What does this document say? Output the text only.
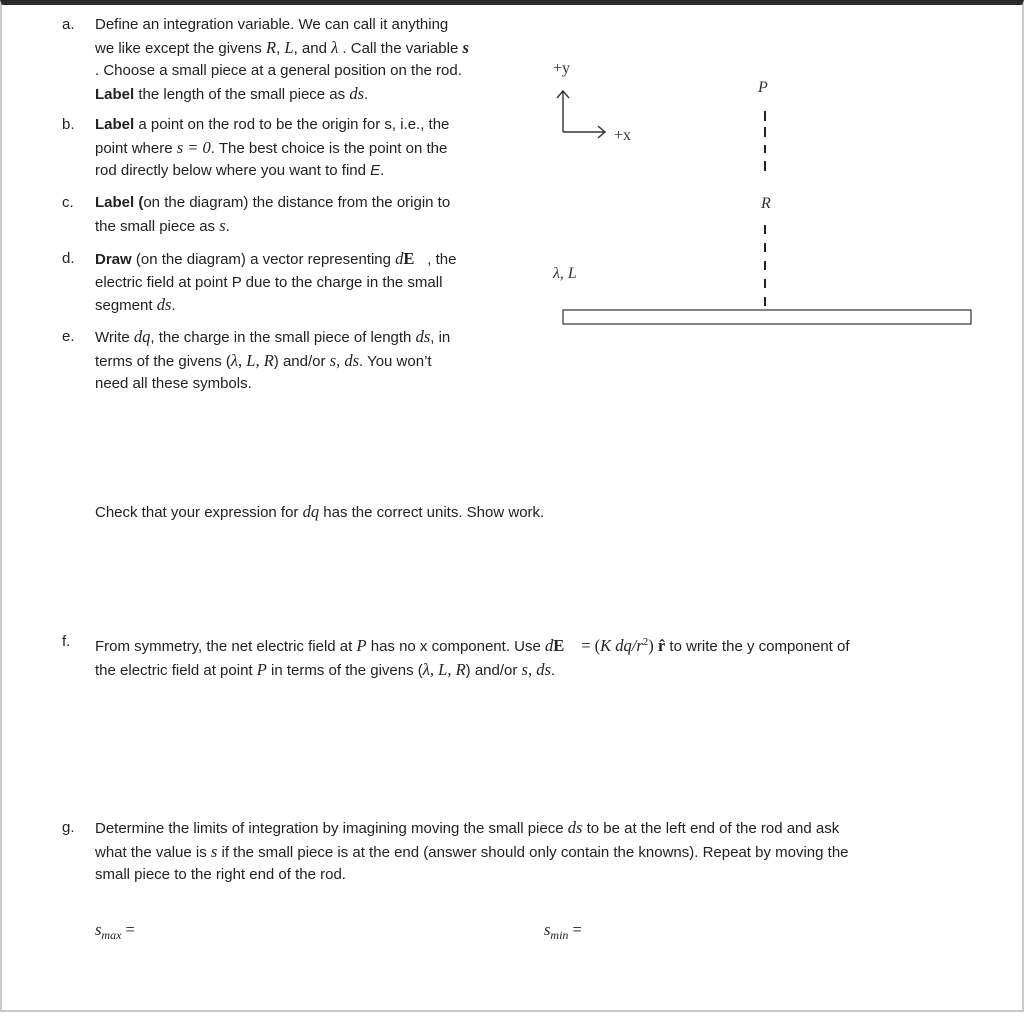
a. Define an integration variable. We can call it anything
we like except the givens R, L, and λ . Call the variable s
. Choose a small piece at a general position on the rod.
Label the length of the small piece as ds.
b. Label a point on the rod to be the origin for s, i.e., the
point where s = 0. The best choice is the point on the
rod directly below where you want to find E.
c. Label (on the diagram) the distance from the origin to
the small piece as s.
d. Draw (on the diagram) a vector representing dE ⃗, the
electric field at point P due to the charge in the small
segment ds.
e. Write dq, the charge in the small piece of length ds, in
terms of the givens (λ, L, R) and/or s, ds. You won’t
need all these symbols.
Check that your expression for dq has the correct units. Show work.
f. From symmetry, the net electric field at P has no x component. Use dE ⃗ = (K $dq/r^2$) r̂ to write the y component of
the electric field at point P in terms of the givens (λ, L, R) and/or s, ds.
g. Determine the limits of integration by imagining moving the small piece ds to be at the left end of the rod and ask
what the value is s if the small piece is at the end (answer should only contain the knowns). Repeat by moving the
small piece to the right end of the rod.
$s_{max}$ =	$s_{min}$ =
+y
+x
P
R
λ, L
